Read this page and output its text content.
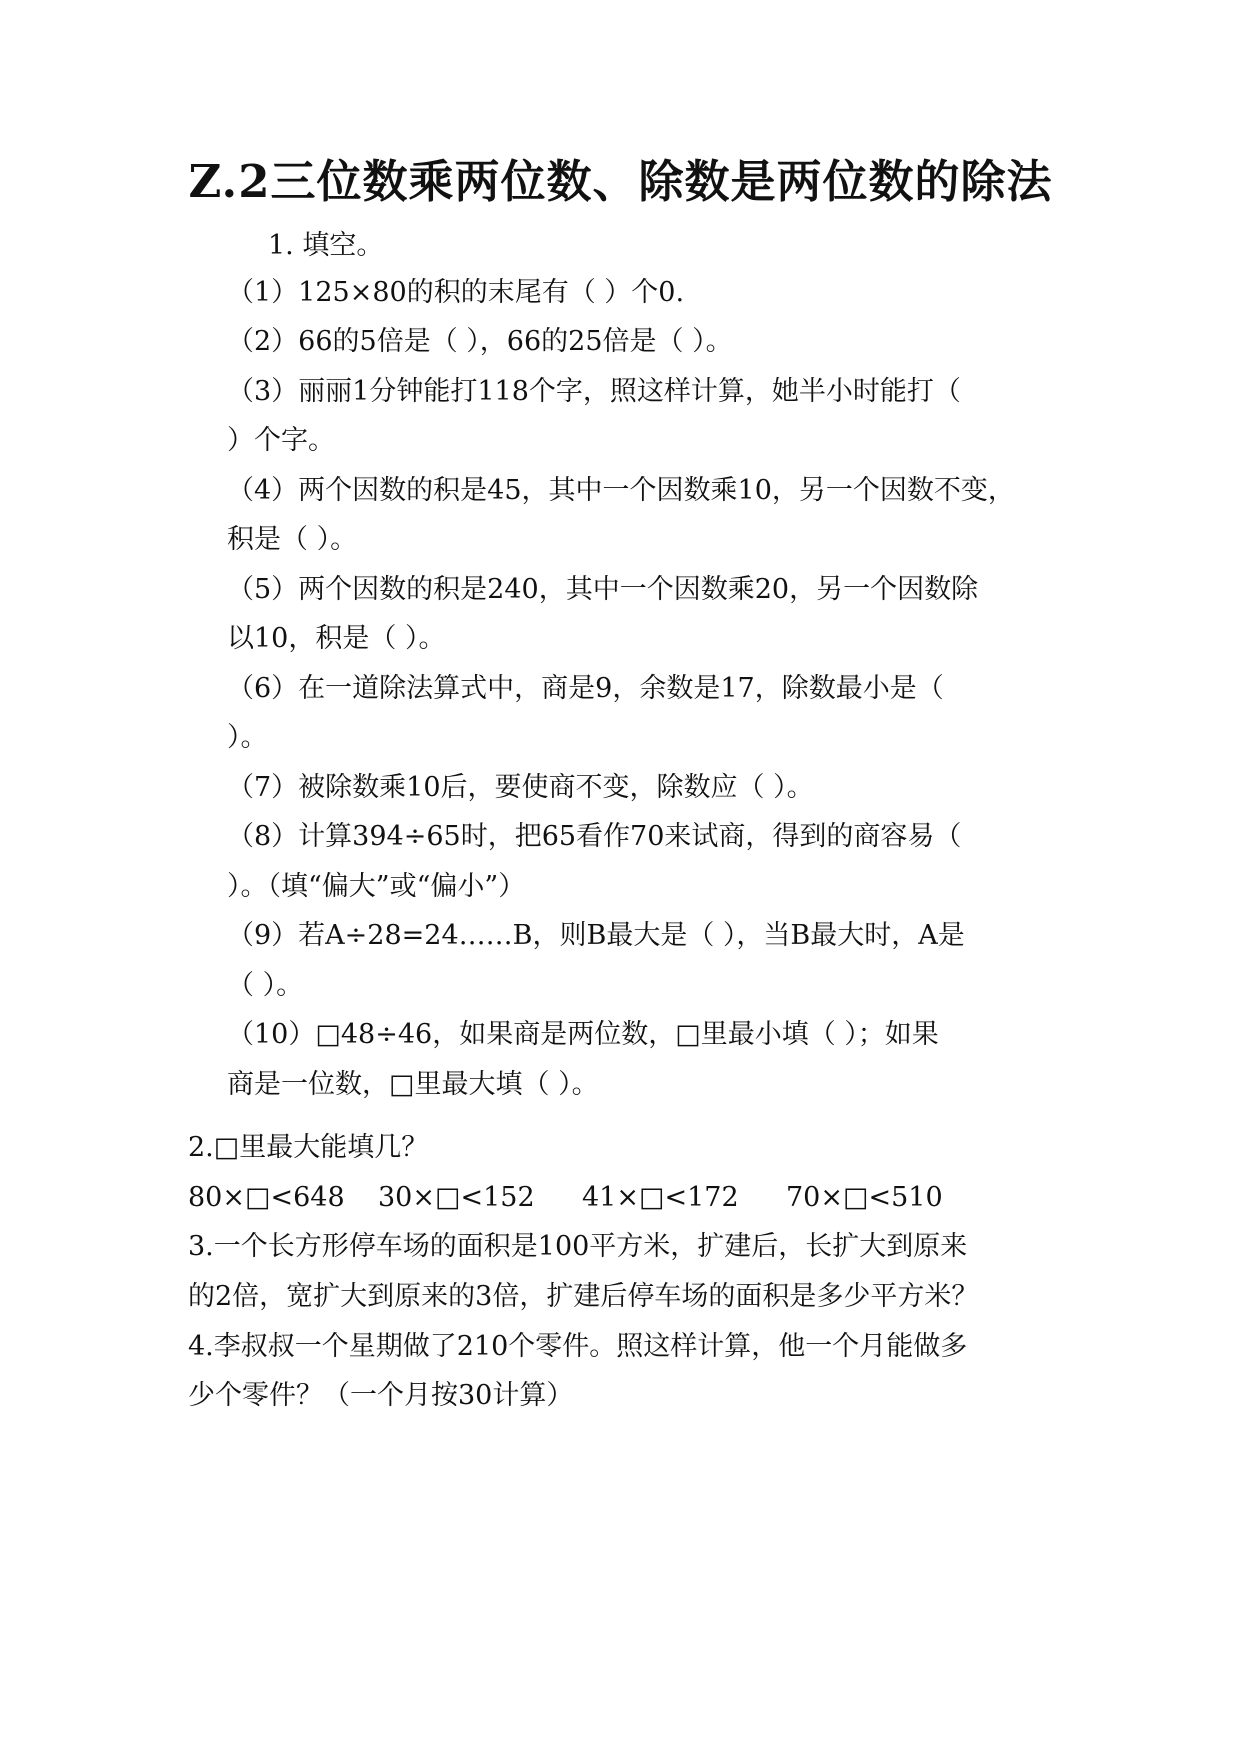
Z.2三位数乘两位数、除数是两位数的除法
1. 填空。
（1）125×80的积的末尾有（ ）个0.
（2）66的5倍是（ ），66的25倍是（ ）。
（3）丽丽1分钟能打118个字，照这样计算，她半小时能打（
）个字。
（4）两个因数的积是45，其中一个因数乘10，另一个因数不变，
积是（ ）。
（5）两个因数的积是240，其中一个因数乘20，另一个因数除
以10，积是（ ）。
（6）在一道除法算式中，商是9，余数是17，除数最小是（
）。
（7）被除数乘10后，要使商不变，除数应（ ）。
（8）计算394÷65时，把65看作70来试商，得到的商容易（
）。（填“偏大”或“偏小”）
（9）若A÷28=24……B，则B最大是（ ），当B最大时，A是
（ ）。
（10）□48÷46，如果商是两位数，□里最小填（ ）；如果
商是一位数，□里最大填（ ）。
2.□里最大能填几？
80×□<648 30×□<152 41×□<172 70×□<510
3.一个长方形停车场的面积是100平方米，扩建后，长扩大到原来
的2倍，宽扩大到原来的3倍，扩建后停车场的面积是多少平方米？
4.李叔叔一个星期做了210个零件。照这样计算，他一个月能做多
少个零件？（一个月按30计算）
